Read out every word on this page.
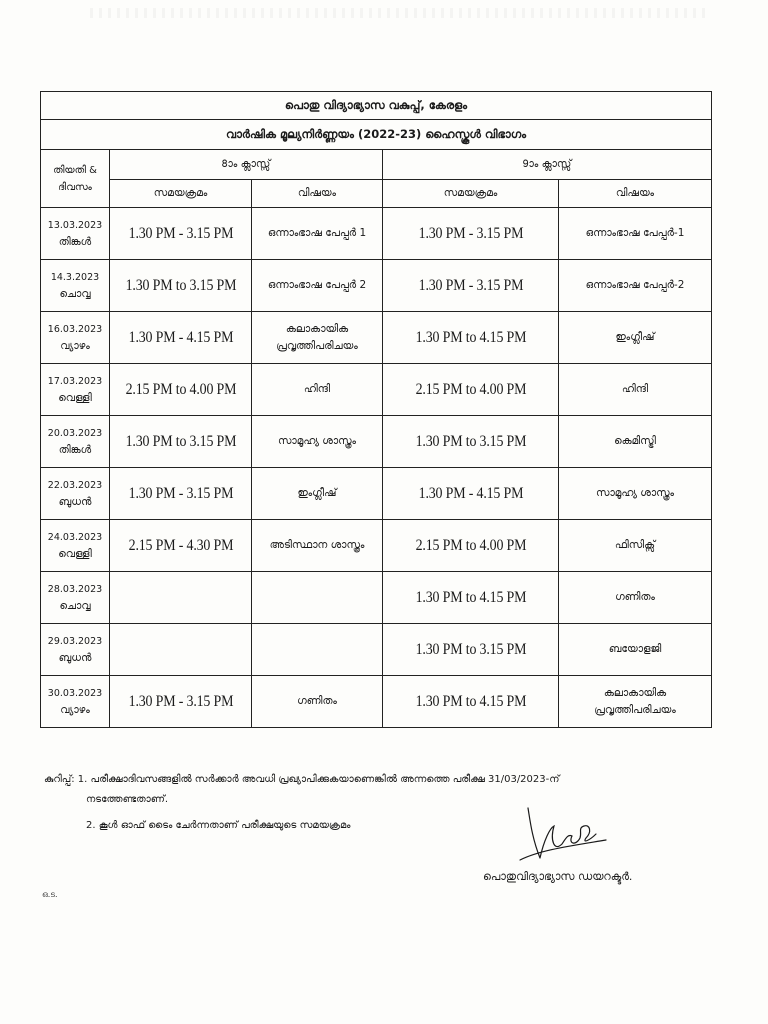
പൊതു വിദ്യാഭ്യാസ വകുപ്പ്, കേരളം				
വാർഷിക മൂല്യനിർണ്ണയം (2022-23) ഹൈസ്കൂൾ വിഭാഗം				

തിയതി &
ദിവസം	8ാം ക്ലാസ്സ്		9ാം ക്ലാസ്സ്	
	സമയക്രമം	വിഷയം	സമയക്രമം	വിഷയം

13.03.2023
തിങ്കൾ	1.30 PM - 3.15 PM	ഒന്നാംഭാഷ പേപ്പർ 1	1.30 PM - 3.15 PM	ഒന്നാംഭാഷ പേപ്പർ-1

14.3.2023
ചൊവ്വ	1.30 PM to 3.15 PM	ഒന്നാംഭാഷ പേപ്പർ 2	1.30 PM - 3.15 PM	ഒന്നാംഭാഷ പേപ്പർ-2

16.03.2023
വ്യാഴം	1.30 PM - 4.15 PM	കലാകായിക പ്രവൃത്തിപരിചയം	1.30 PM to 4.15 PM	ഇംഗ്ലീഷ്

17.03.2023
വെള്ളി	2.15 PM to 4.00 PM	ഹിന്ദി	2.15 PM to 4.00 PM	ഹിന്ദി

20.03.2023
തിങ്കൾ	1.30 PM to 3.15 PM	സാമൂഹ്യ ശാസ്ത്രം	1.30 PM to 3.15 PM	കെമിസ്ട്രി

22.03.2023
ബുധൻ	1.30 PM - 3.15 PM	ഇംഗ്ലീഷ്	1.30 PM - 4.15 PM	സാമൂഹ്യ ശാസ്ത്രം

24.03.2023
വെള്ളി	2.15 PM - 4.30 PM	അടിസ്ഥാന ശാസ്ത്രം	2.15 PM to 4.00 PM	ഫിസിക്സ്

28.03.2023
ചൊവ്വ			1.30 PM to 4.15 PM	ഗണിതം

29.03.2023
ബുധൻ			1.30 PM to 3.15 PM	ബയോളജി

30.03.2023
വ്യാഴം	1.30 PM - 3.15 PM	ഗണിതം	1.30 PM to 4.15 PM	കലാകായിക പ്രവൃത്തിപരിചയം
കുറിപ്പ്: 1. പരീക്ഷാദിവസങ്ങളിൽ സർക്കാർ അവധി പ്രഖ്യാപിക്കുകയാണെങ്കിൽ അന്നത്തെ പരീക്ഷ 31/03/2023-ന്
നടത്തേണ്ടതാണ്.
2. കൂൾ ഓഫ് ടൈം ചേർന്നതാണ് പരീക്ഷയുടെ സമയക്രമം
പൊതുവിദ്യാഭ്യാസ ഡയറക്ടർ.
ഒ.ട.
